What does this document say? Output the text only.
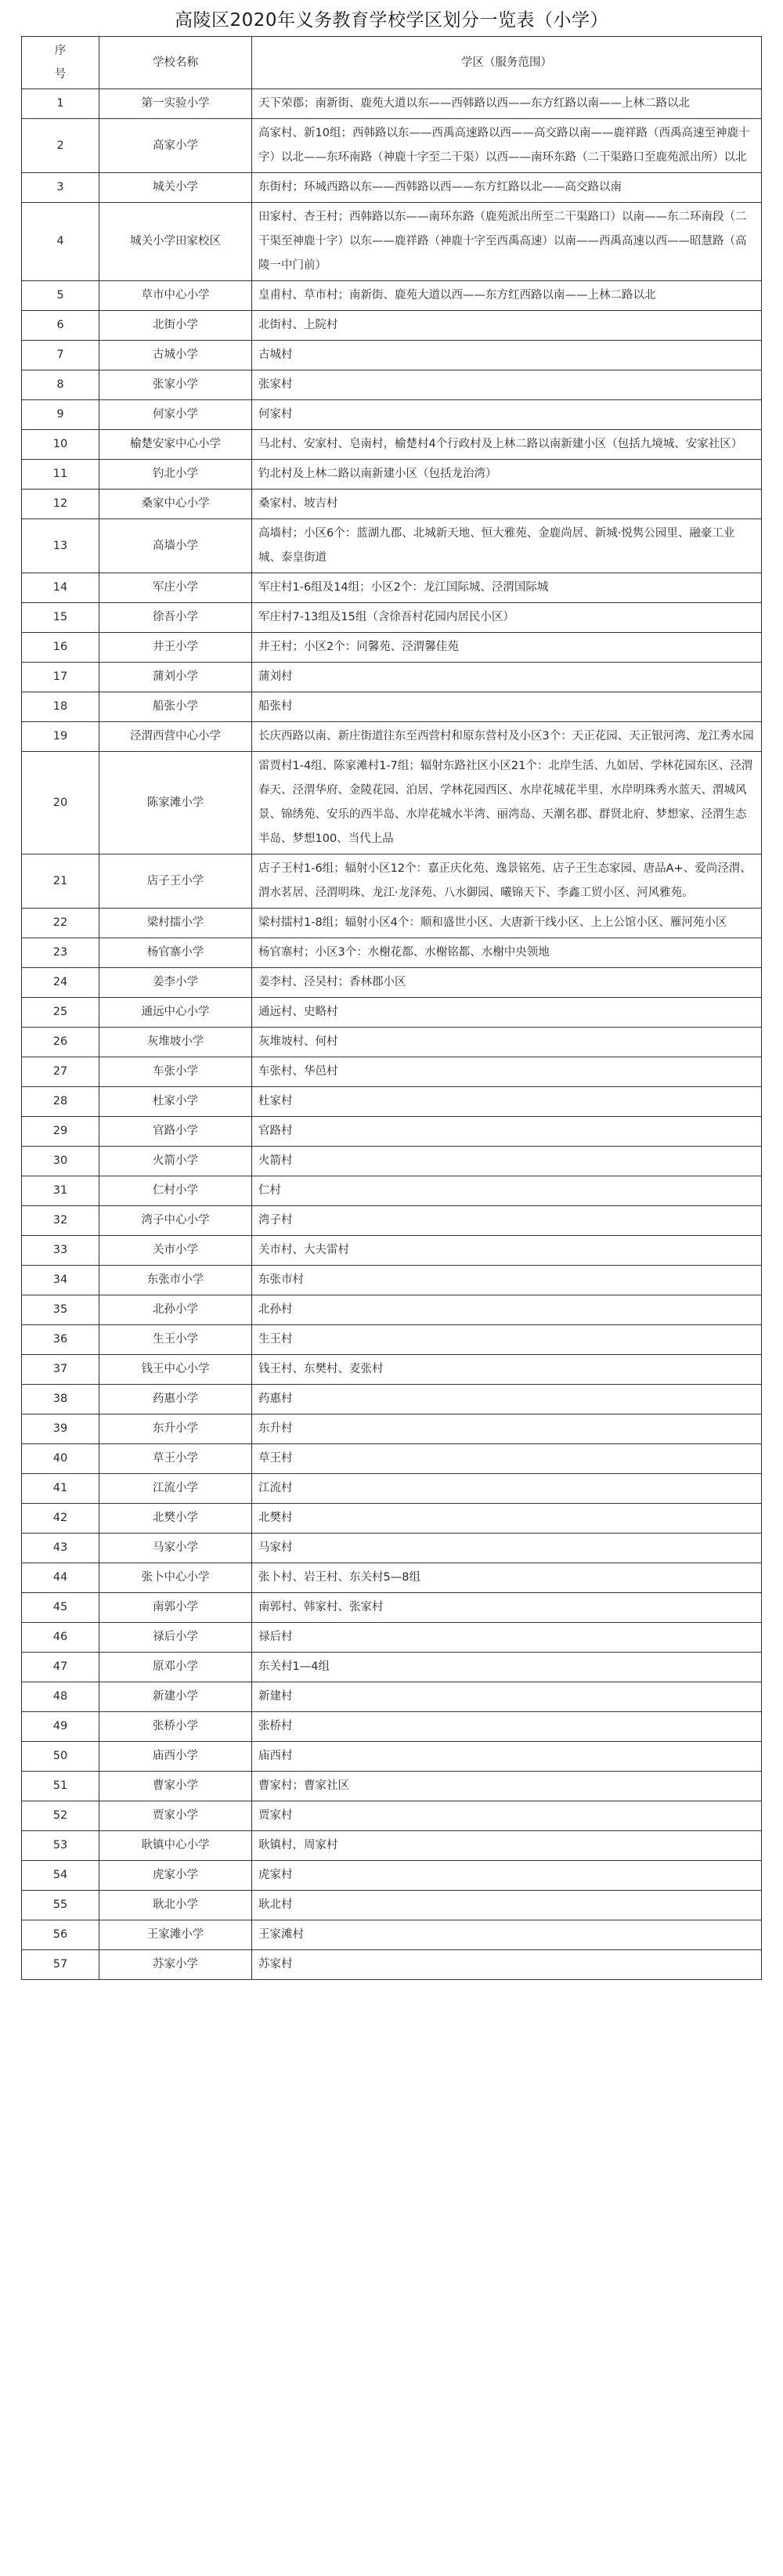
高陵区2020年义务教育学校学区划分一览表（小学）
序
号	学校名称	学区（服务范围）
1	第一实验小学	天下荣郡；南新街、鹿苑大道以东——西韩路以西——东方红路以南——上林二路以北
2	高家小学	高家村、新10组；西韩路以东——西禹高速路以西——高交路以南——鹿祥路（西禹高速至神鹿十字）以北——东环南路（神鹿十字至二干渠）以西——南环东路（二干渠路口至鹿苑派出所）以北
3	城关小学	东街村；环城西路以东——西韩路以西——东方红路以北——高交路以南
4	城关小学田家校区	田家村、杏王村；西韩路以东——南环东路（鹿苑派出所至二干渠路口）以南——东二环南段（二干渠至神鹿十字）以东——鹿祥路（神鹿十字至西禹高速）以南——西禹高速以西——昭慧路（高陵一中门前）
5	草市中心小学	皇甫村、草市村；南新街、鹿苑大道以西——东方红西路以南——上林二路以北
6	北街小学	北街村、上院村
7	古城小学	古城村
8	张家小学	张家村
9	何家小学	何家村
10	榆楚安家中心小学	马北村、安家村、皂南村，榆楚村4个行政村及上林二路以南新建小区（包括九境城、安家社区）
11	钓北小学	钓北村及上林二路以南新建小区（包括龙治湾）
12	桑家中心小学	桑家村、坡吉村
13	高墙小学	高墙村；小区6个：蓝湖九郡、北城新天地、恒大雅苑、金鹿尚居、新城·悦隽公园里、融豪工业城、泰皇街道
14	军庄小学	军庄村1-6组及14组；小区2个：龙江国际城、泾渭国际城
15	徐吾小学	军庄村7-13组及15组（含徐吾村花园内居民小区）
16	井王小学	井王村；小区2个：同馨苑、泾渭馨佳苑
17	蒲刘小学	蒲刘村
18	船张小学	船张村
19	泾渭西营中心小学	长庆西路以南、新庄街道往东至西营村和原东营村及小区3个：天正花园、天正银河湾、龙江秀水园
20	陈家滩小学	雷贾村1-4组、陈家滩村1-7组；辐射东路社区小区21个：北岸生活、九如居、学林花园东区、泾渭春天、泾渭华府、金陵花园、泊居、学林花园西区、水岸花城花半里、水岸明珠秀水蓝天、渭城风景、锦绣苑、安乐的西半岛、水岸花城水半湾、丽湾岛、天潮名郡、群贤北府、梦想家、泾渭生态半岛、梦想100、当代上品
21	店子王小学	店子王村1-6组；辐射小区12个：嘉正庆化苑、逸景铭苑、店子王生态家园、唐品A+、爱尚泾渭、渭水茗居、泾渭明珠、龙江·龙泽苑、八水御园、曦锦天下、李鑫工贸小区、河风雅苑。
22	梁村擂小学	梁村擂村1-8组；辐射小区4个：顺和盛世小区、大唐新干线小区、上上公馆小区、雁河苑小区
23	杨官寨小学	杨官寨村；小区3个：水榭花都、水榭铭都、水榭中央领地
24	姜李小学	姜李村、泾吴村；香林郡小区
25	通远中心小学	通远村、史略村
26	灰堆坡小学	灰堆坡村、何村
27	车张小学	车张村、华邑村
28	杜家小学	杜家村
29	官路小学	官路村
30	火箭小学	火箭村
31	仁村小学	仁村
32	湾子中心小学	湾子村
33	关市小学	关市村、大夫雷村
34	东张市小学	东张市村
35	北孙小学	北孙村
36	生王小学	生王村
37	钱王中心小学	钱王村、东樊村、麦张村
38	药惠小学	药惠村
39	东升小学	东升村
40	草王小学	草王村
41	江流小学	江流村
42	北樊小学	北樊村
43	马家小学	马家村
44	张卜中心小学	张卜村、岩王村、东关村5—8组
45	南郭小学	南郭村、韩家村、张家村
46	禄后小学	禄后村
47	原邓小学	东关村1—4组
48	新建小学	新建村
49	张桥小学	张桥村
50	庙西小学	庙西村
51	曹家小学	曹家村；曹家社区
52	贾家小学	贾家村
53	耿镇中心小学	耿镇村，周家村
54	虎家小学	虎家村
55	耿北小学	耿北村
56	王家滩小学	王家滩村
57	苏家小学	苏家村
